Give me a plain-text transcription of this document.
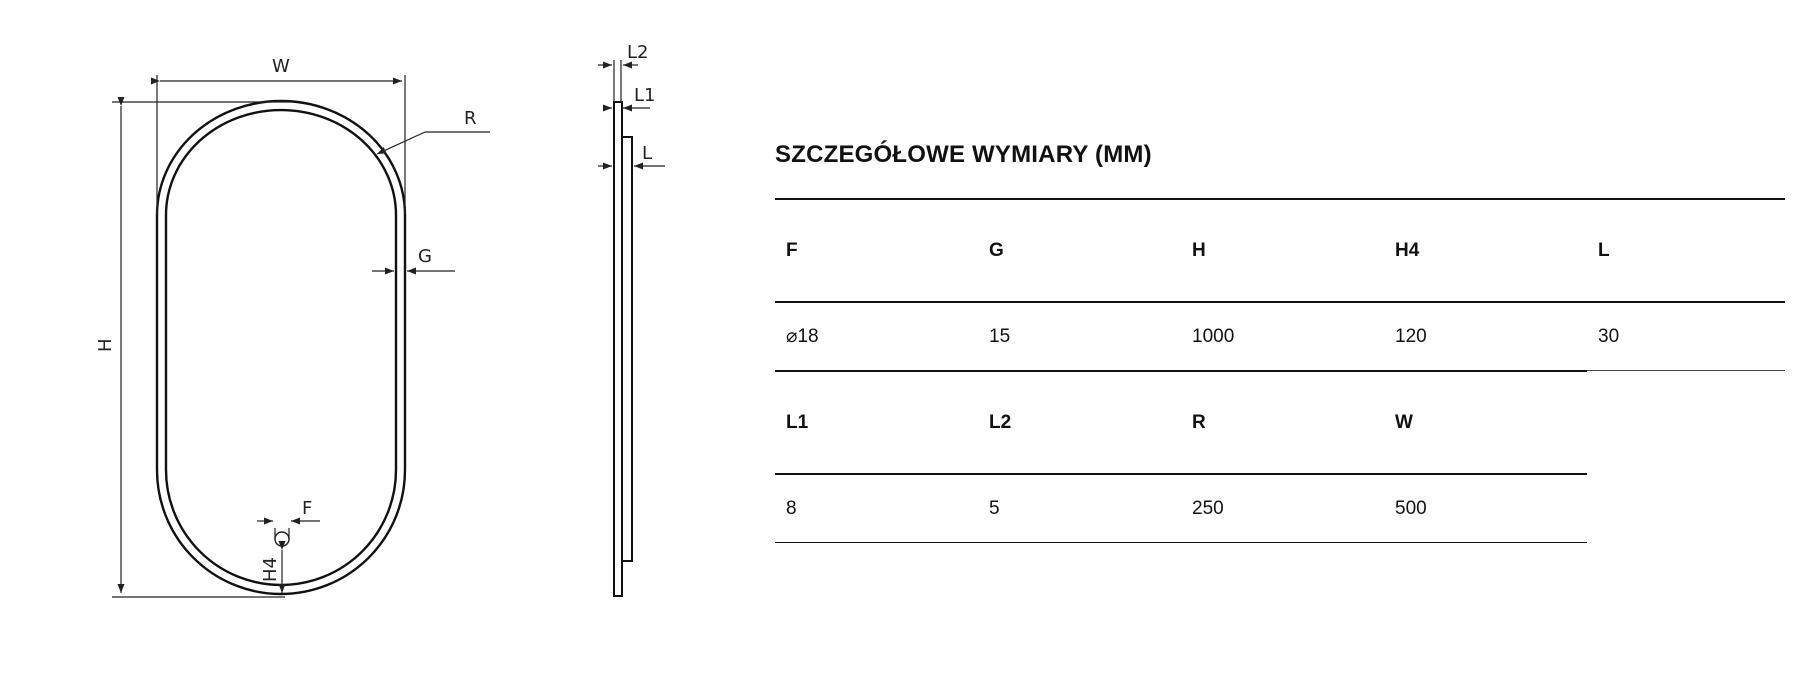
W
H
R
G
F
H4
L2
L1
L	SZCZEGÓŁOWE WYMIARY (MM)
F	G	H	H4	L
⌀18	15	1000	120	30
L1	L2	R	W
8	5	250	500
